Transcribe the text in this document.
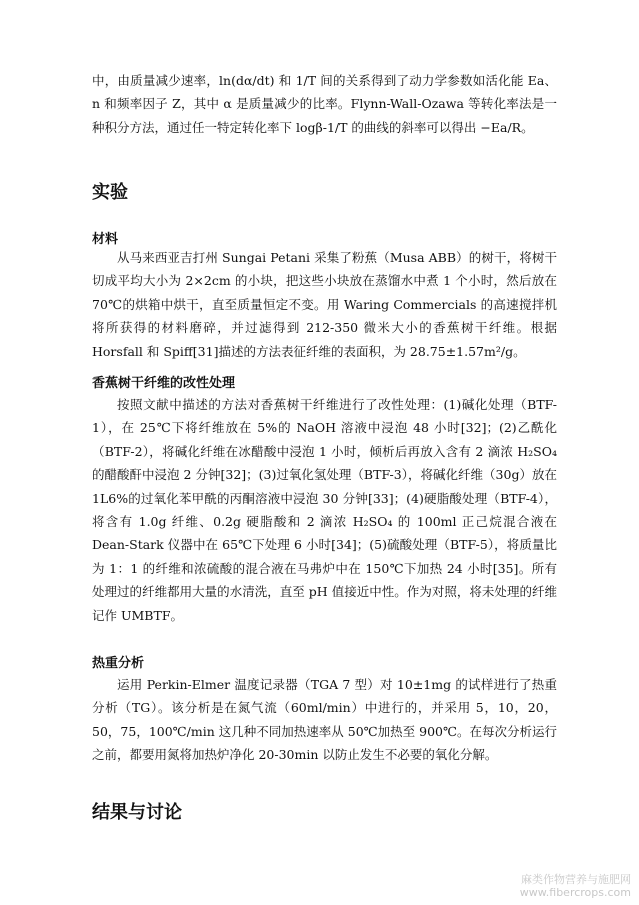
中，由质量减少速率，ln(dα/dt) 和 1/T 间的关系得到了动力学参数如活化能 Ea、n 和频率因子 Z，其中 α 是质量减少的比率。Flynn-Wall-Ozawa 等转化率法是一种积分方法，通过任一特定转化率下 logβ-1/T 的曲线的斜率可以得出 −Ea/R。

实验
材料

从马来西亚吉打州 Sungai Petani 采集了粉蕉（Musa ABB）的树干，将树干切成平均大小为 2×2cm 的小块，把这些小块放在蒸馏水中煮 1 个小时，然后放在 70℃的烘箱中烘干，直至质量恒定不变。用 Waring Commercials 的高速搅拌机将所获得的材料磨碎，并过滤得到 212-350 微米大小的香蕉树干纤维。根据 Horsfall 和 Spiff[31]描述的方法表征纤维的表面积，为 28.75±1.57m²/g。

香蕉树干纤维的改性处理

按照文献中描述的方法对香蕉树干纤维进行了改性处理：(1)碱化处理（BTF-1），在 25℃下将纤维放在 5%的 NaOH 溶液中浸泡 48 小时[32]；(2)乙酰化（BTF-2），将碱化纤维在冰醋酸中浸泡 1 小时，倾析后再放入含有 2 滴浓 H₂SO₄的醋酸酐中浸泡 2 分钟[32]；(3)过氧化氢处理（BTF-3），将碱化纤维（30g）放在 1L6%的过氧化苯甲酰的丙酮溶液中浸泡 30 分钟[33]；(4)硬脂酸处理（BTF-4），将含有 1.0g 纤维、0.2g 硬脂酸和 2 滴浓 H₂SO₄ 的 100ml 正己烷混合液在 Dean-Stark 仪器中在 65℃下处理 6 小时[34]；(5)硫酸处理（BTF-5），将质量比为 1：1 的纤维和浓硫酸的混合液在马弗炉中在 150℃下加热 24 小时[35]。所有处理过的纤维都用大量的水清洗，直至 pH 值接近中性。作为对照，将未处理的纤维记作 UMBTF。

热重分析

运用 Perkin-Elmer 温度记录器（TGA 7 型）对 10±1mg 的试样进行了热重分析（TG）。该分析是在氮气流（60ml/min）中进行的，并采用 5，10，20，50，75，100℃/min 这几种不同加热速率从 50℃加热至 900℃。在每次分析运行之前，都要用氮将加热炉净化 20-30min 以防止发生不必要的氧化分解。

结果与讨论
麻类作物营养与施肥网
www.fibercrops.com
